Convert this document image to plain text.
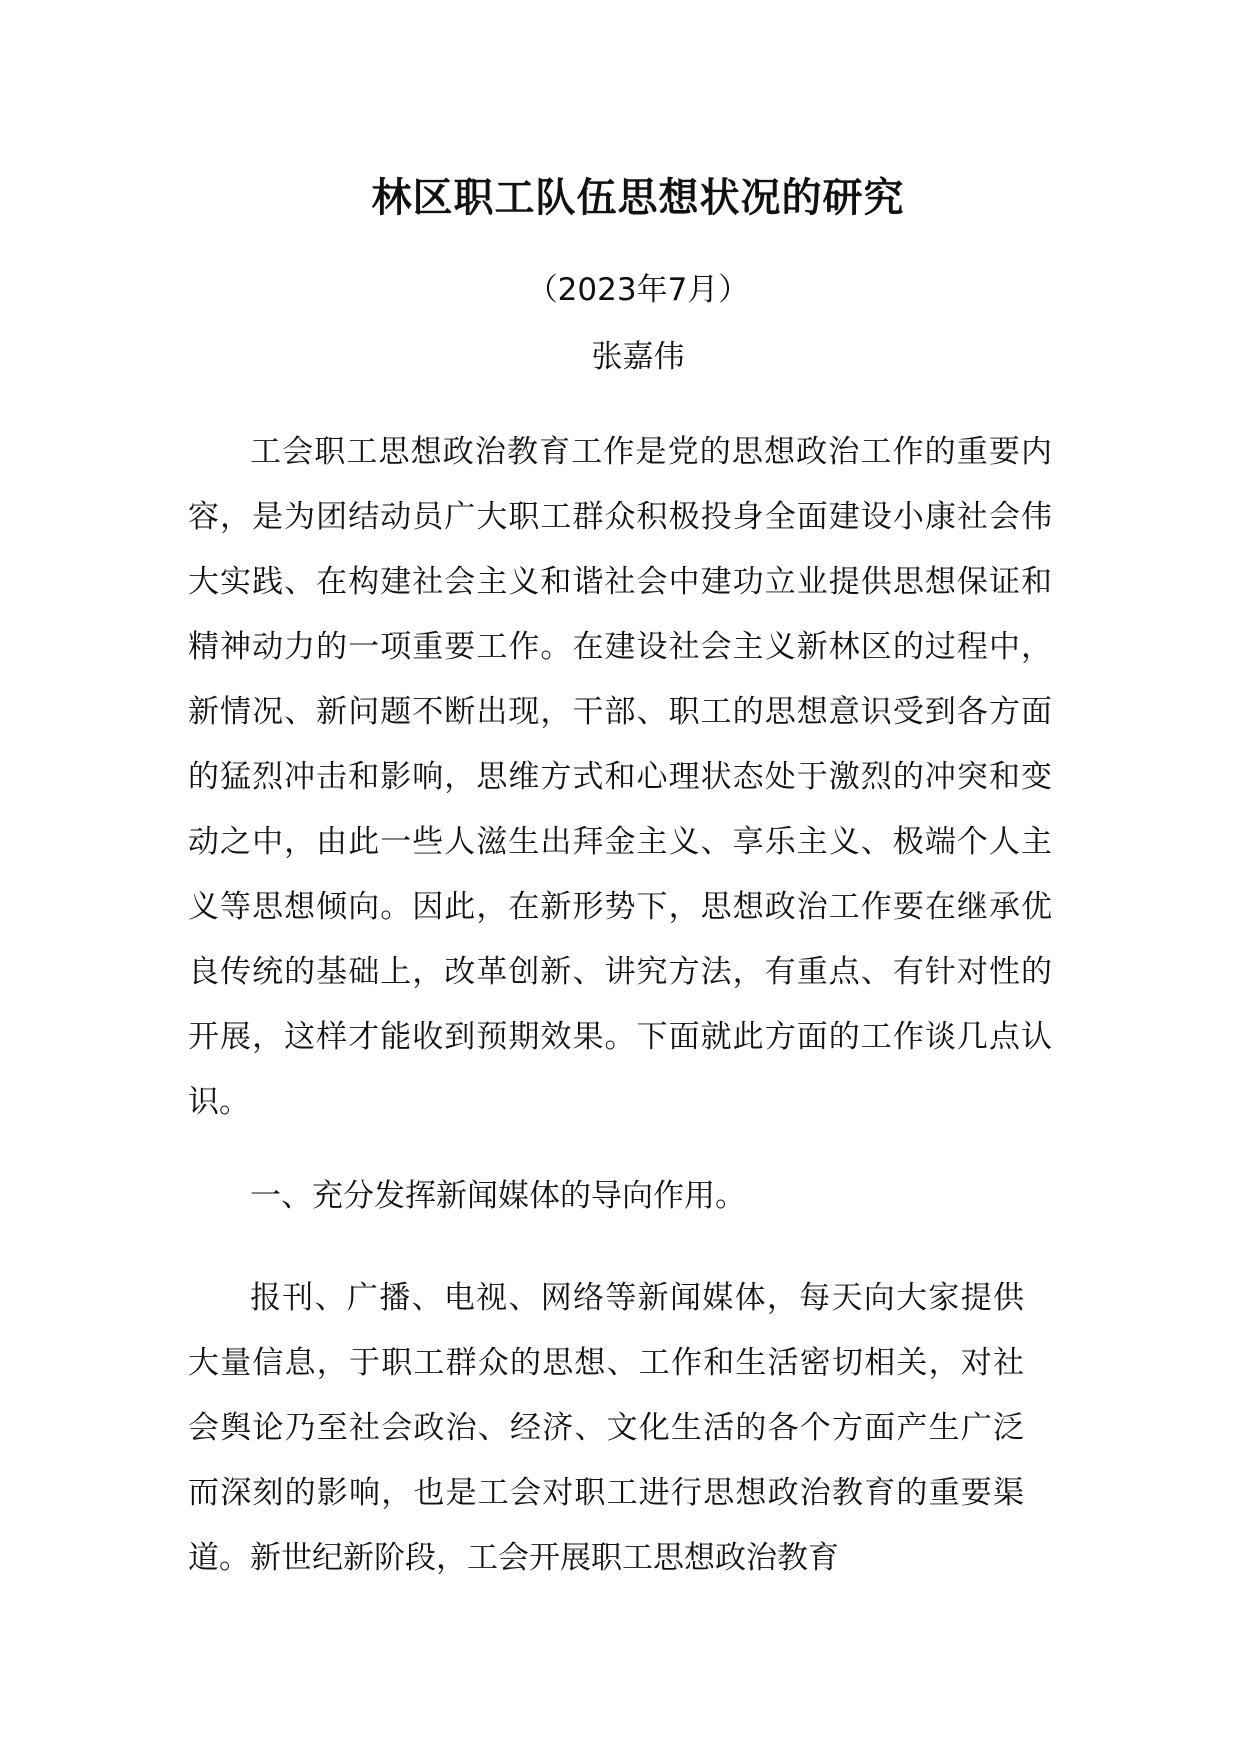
林区职工队伍思想状况的研究
（2023年7月）
张嘉伟

工会职工思想政治教育工作是党的思想政治工作的重要内容，是为团结动员广大职工群众积极投身全面建设小康社会伟大实践、在构建社会主义和谐社会中建功立业提供思想保证和精神动力的一项重要工作。在建设社会主义新林区的过程中，新情况、新问题不断出现，干部、职工的思想意识受到各方面的猛烈冲击和影响，思维方式和心理状态处于激烈的冲突和变动之中，由此一些人滋生出拜金主义、享乐主义、极端个人主义等思想倾向。因此，在新形势下，思想政治工作要在继承优良传统的基础上，改革创新、讲究方法，有重点、有针对性的开展，这样才能收到预期效果。下面就此方面的工作谈几点认识。

一、充分发挥新闻媒体的导向作用。

报刊、广播、电视、网络等新闻媒体，每天向大家提供大量信息，于职工群众的思想、工作和生活密切相关，对社会舆论乃至社会政治、经济、文化生活的各个方面产生广泛而深刻的影响，也是工会对职工进行思想政治教育的重要渠道。新世纪新阶段，工会开展职工思想政治教育
